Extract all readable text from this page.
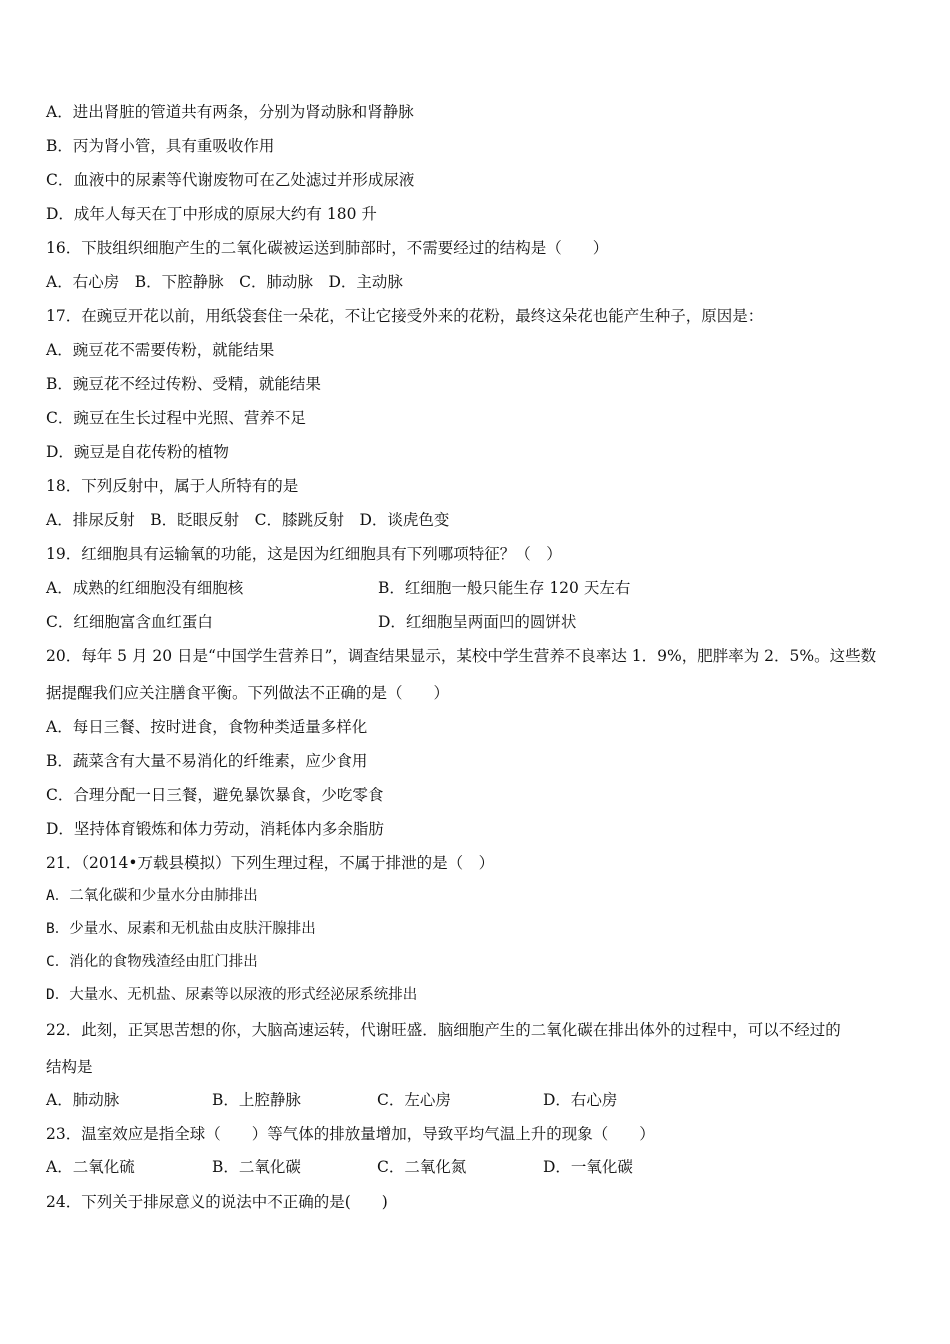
A．进出肾脏的管道共有两条，分别为肾动脉和肾静脉
B．丙为肾小管，具有重吸收作用
C．血液中的尿素等代谢废物可在乙处滤过并形成尿液
D．成年人每天在丁中形成的原尿大约有 180 升
16．下肢组织细胞产生的二氧化碳被运送到肺部时，不需要经过的结构是（　　）
A．右心房　B．下腔静脉　C．肺动脉　D．主动脉
17．在豌豆开花以前，用纸袋套住一朵花，不让它接受外来的花粉，最终这朵花也能产生种子，原因是：
A．豌豆花不需要传粉，就能结果
B．豌豆花不经过传粉、受精，就能结果
C．豌豆在生长过程中光照、营养不足
D．豌豆是自花传粉的植物
18．下列反射中，属于人所特有的是
A．排尿反射　B．眨眼反射　C．膝跳反射　D．谈虎色变
19．红细胞具有运输氧的功能，这是因为红细胞具有下列哪项特征？（　）
A．成熟的红细胞没有细胞核	B．红细胞一般只能生存 120 天左右
C．红细胞富含血红蛋白	D．红细胞呈两面凹的圆饼状
20．每年 5 月 20 日是“中国学生营养日”，调查结果显示，某校中学生营养不良率达 1．9%，肥胖率为 2．5%。这些数
据提醒我们应关注膳食平衡。下列做法不正确的是（　　）
A．每日三餐、按时进食，食物种类适量多样化
B．蔬菜含有大量不易消化的纤维素，应少食用
C．合理分配一日三餐，避免暴饮暴食，少吃零食
D．坚持体育锻炼和体力劳动，消耗体内多余脂肪
21．（2014•万载县模拟）下列生理过程，不属于排泄的是（　）
A．二氧化碳和少量水分由肺排出
B．少量水、尿素和无机盐由皮肤汗腺排出
C．消化的食物残渣经由肛门排出
D．大量水、无机盐、尿素等以尿液的形式经泌尿系统排出
22．此刻，正冥思苦想的你，大脑高速运转，代谢旺盛．脑细胞产生的二氧化碳在排出体外的过程中，可以不经过的
结构是
A．肺动脉	B．上腔静脉	C．左心房	D．右心房
23．温室效应是指全球（　　）等气体的排放量增加，导致平均气温上升的现象（　　）
A．二氧化硫	B．二氧化碳	C．二氧化氮	D．一氧化碳
24．下列关于排尿意义的说法中不正确的是(　　)
